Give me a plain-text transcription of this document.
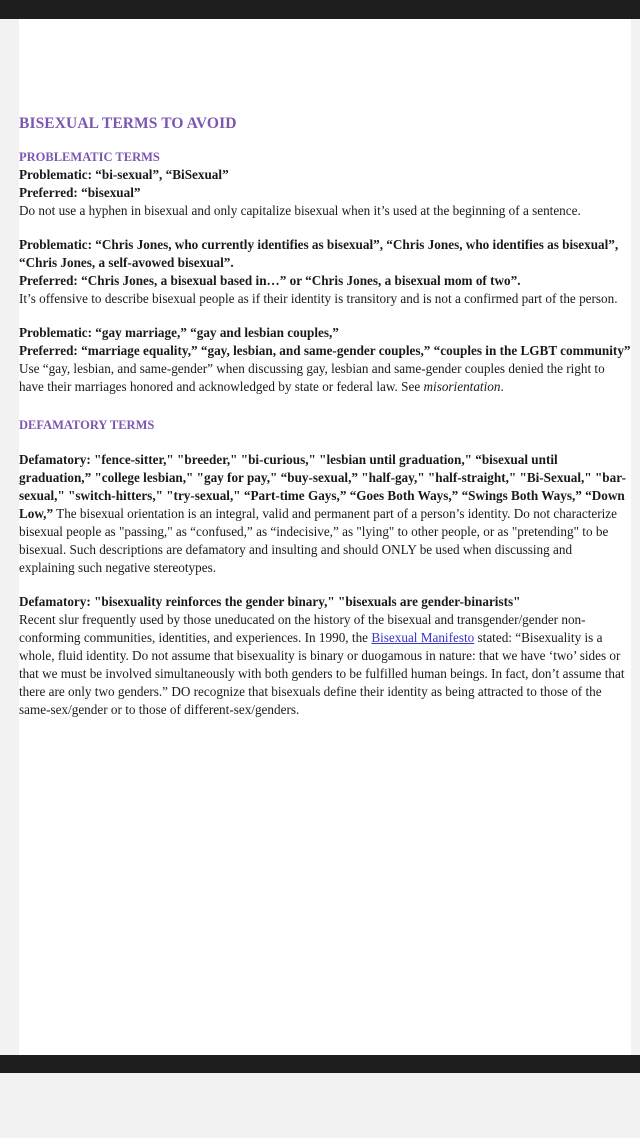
BISEXUAL TERMS TO AVOID
PROBLEMATIC TERMS

Problematic: “bi-sexual”, “BiSexual”

Preferred: “bisexual”

Do not use a hyphen in bisexual and only capitalize bisexual when it’s used at the beginning of a sentence.

Problematic: “Chris Jones, who currently identifies as bisexual”, “Chris Jones, who identifies as bisexual”, “Chris Jones, a self-avowed bisexual”.

Preferred: “Chris Jones, a bisexual based in…” or “Chris Jones, a bisexual mom of two”.

It’s offensive to describe bisexual people as if their identity is transitory and is not a confirmed part of the person.

Problematic: “gay marriage,” “gay and lesbian couples,”

Preferred: “marriage equality,” “gay, lesbian, and same-gender couples,” “couples in the LGBT community”

Use “gay, lesbian, and same-gender” when discussing gay, lesbian and same-gender couples denied the right to have their marriages honored and acknowledged by state or federal law. See misorientation.

DEFAMATORY TERMS

Defamatory: "fence-sitter," "breeder," "bi-curious," "lesbian until graduation," “bisexual until graduation,” "college lesbian," "gay for pay," “buy-sexual,” "half-gay," "half-straight," "Bi-Sexual," "bar-sexual," "switch-hitters," "try-sexual," “Part-time Gays,” “Goes Both Ways,” “Swings Both Ways,” “Down Low,” The bisexual orientation is an integral, valid and permanent part of a person’s identity. Do not characterize bisexual people as "passing," as “confused,” as “indecisive,” as "lying" to other people, or as "pretending" to be bisexual. Such descriptions are defamatory and insulting and should ONLY be used when discussing and explaining such negative stereotypes.

Defamatory: "bisexuality reinforces the gender binary," "bisexuals are gender-binarists"

Recent slur frequently used by those uneducated on the history of the bisexual and transgender/gender non-conforming communities, identities, and experiences. In 1990, the Bisexual Manifesto stated: “Bisexuality is a whole, fluid identity. Do not assume that bisexuality is binary or duogamous in nature: that we have ‘two’ sides or that we must be involved simultaneously with both genders to be fulfilled human beings. In fact, don’t assume that there are only two genders.” DO recognize that bisexuals define their identity as being attracted to those of the same-sex/gender or to those of different-sex/genders.
